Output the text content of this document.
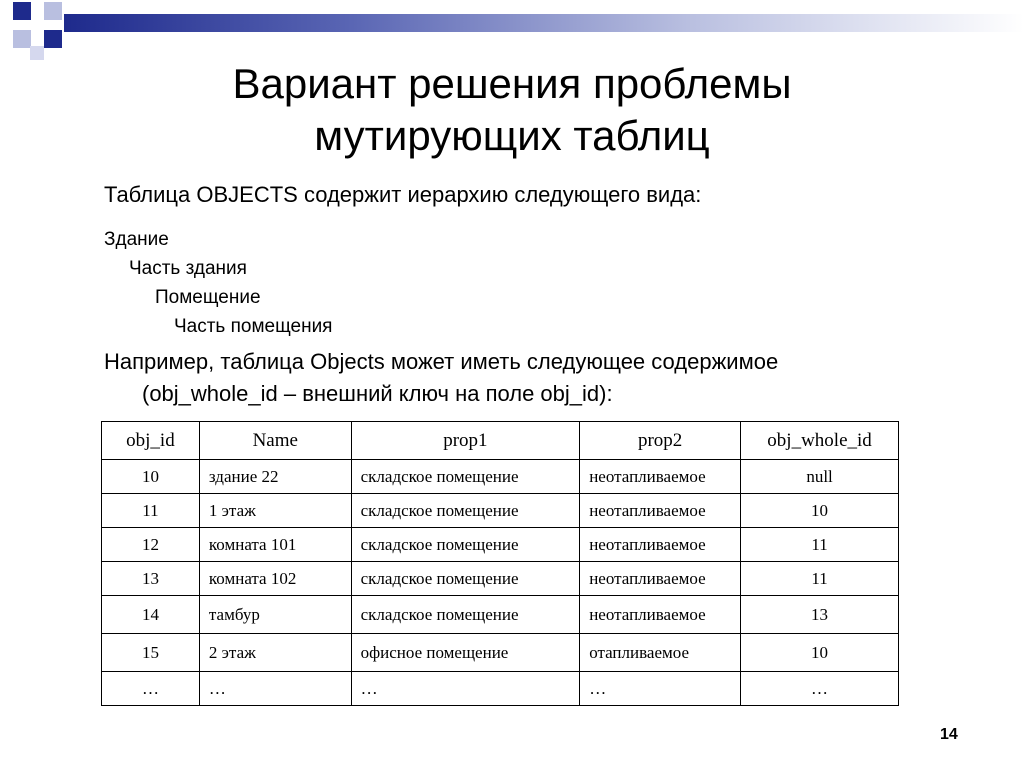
Вариант решения проблемы
мутирующих таблиц
Таблица OBJECTS содержит иерархию следующего вида:
Здание
Часть здания
Помещение
Часть помещения
Например, таблица Objects может иметь следующее содержимое
(obj_whole_id – внешний ключ на поле obj_id):
obj_id	Name	prop1	prop2	obj_whole_id
10	здание 22	складское помещение	неотапливаемое	null
11	1 этаж	складское помещение	неотапливаемое	10
12	комната 101	складское помещение	неотапливаемое	11
13	комната 102	складское помещение	неотапливаемое	11
14	тамбур	складское помещение	неотапливаемое	13
15	2 этаж	офисное помещение	отапливаемое	10
…	…	…	…	…
14
